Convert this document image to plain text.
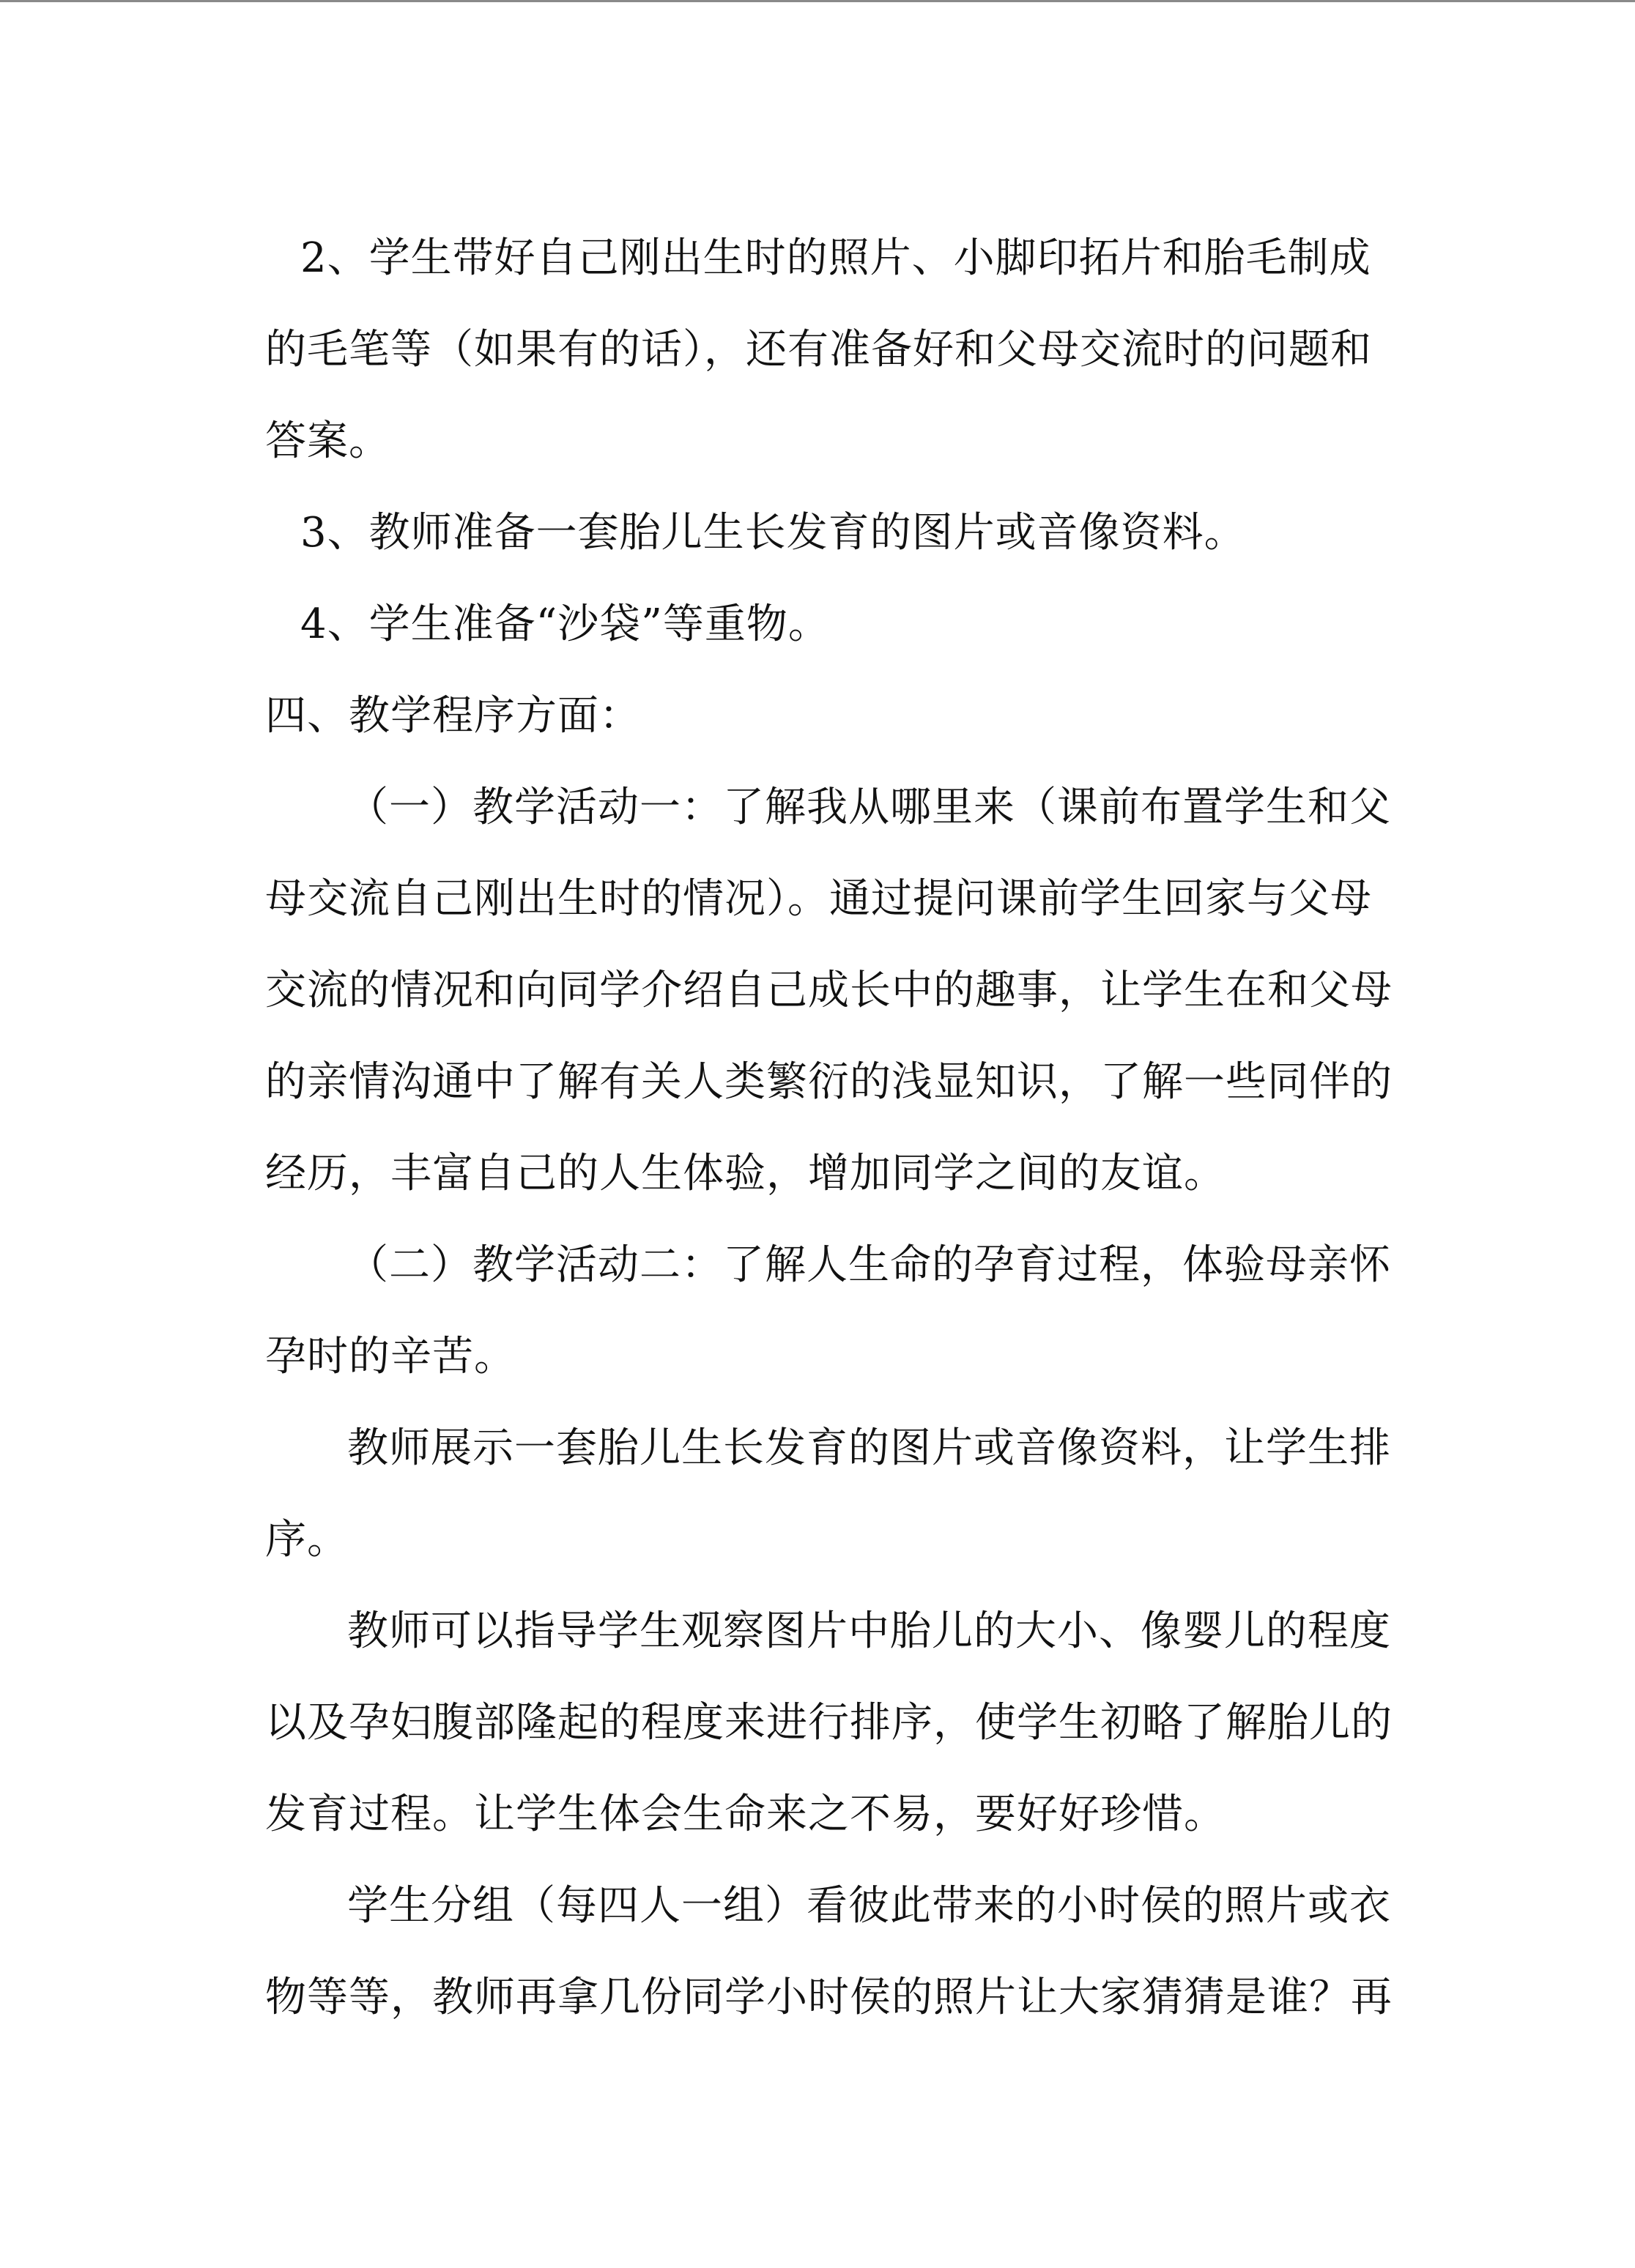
2、学生带好自己刚出生时的照片、小脚印拓片和胎毛制成
的毛笔等（如果有的话），还有准备好和父母交流时的问题和
答案。
3、教师准备一套胎儿生长发育的图片或音像资料。
4、学生准备“沙袋”等重物。
四、教学程序方面：
（一）教学活动一：了解我从哪里来（课前布置学生和父
母交流自己刚出生时的情况）。通过提问课前学生回家与父母
交流的情况和向同学介绍自己成长中的趣事，让学生在和父母
的亲情沟通中了解有关人类繁衍的浅显知识，了解一些同伴的
经历，丰富自己的人生体验，增加同学之间的友谊。
（二）教学活动二：了解人生命的孕育过程，体验母亲怀
孕时的辛苦。
教师展示一套胎儿生长发育的图片或音像资料，让学生排
序。
教师可以指导学生观察图片中胎儿的大小、像婴儿的程度
以及孕妇腹部隆起的程度来进行排序，使学生初略了解胎儿的
发育过程。让学生体会生命来之不易，要好好珍惜。
学生分组（每四人一组）看彼此带来的小时侯的照片或衣
物等等，教师再拿几份同学小时侯的照片让大家猜猜是谁？再
